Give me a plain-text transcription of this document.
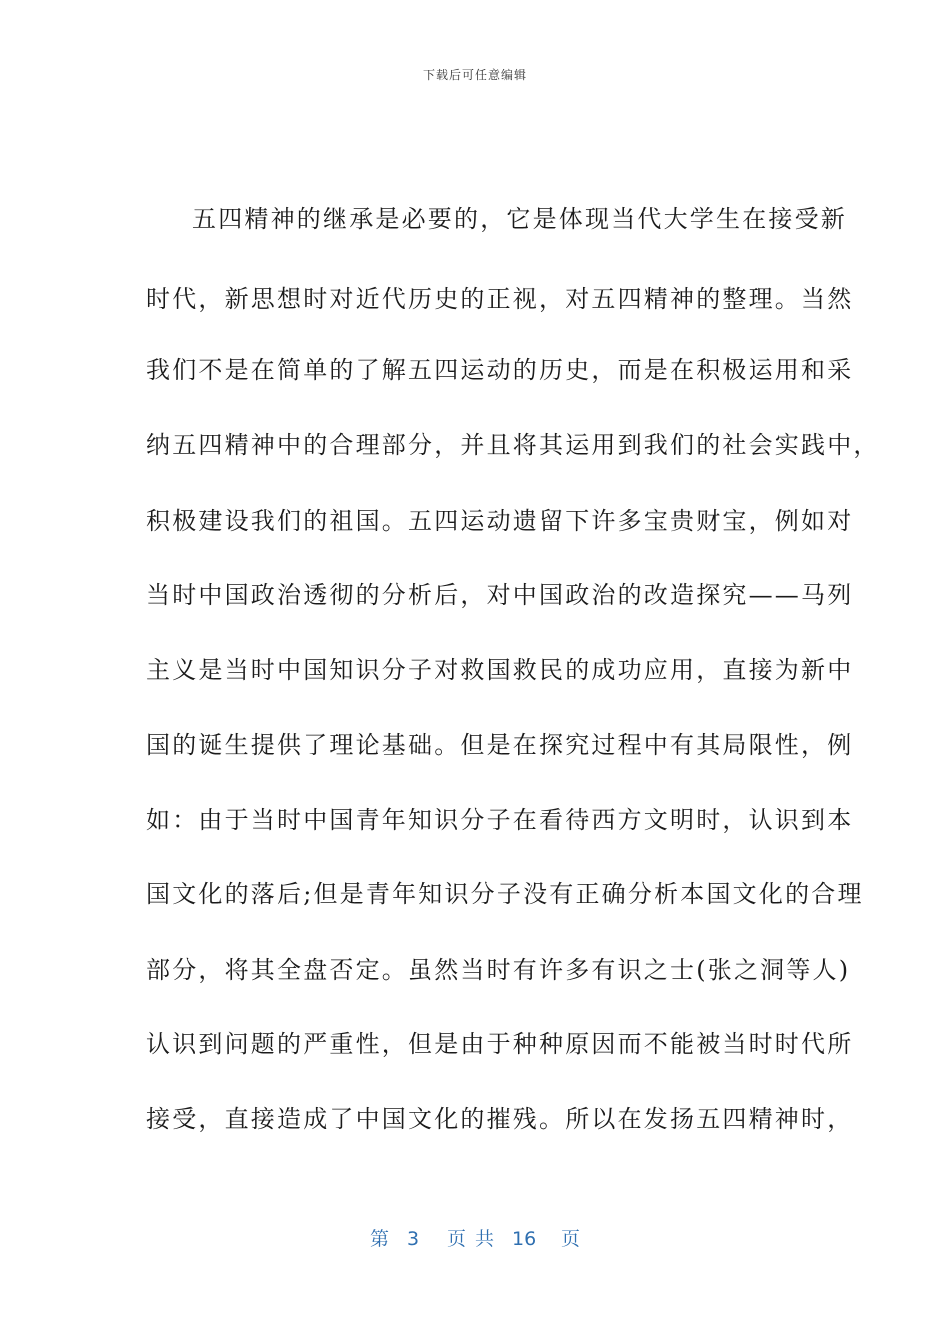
下载后可任意编辑
五四精神的继承是必要的，它是体现当代大学生在接受新
时代，新思想时对近代历史的正视，对五四精神的整理。当然
我们不是在简单的了解五四运动的历史，而是在积极运用和采
纳五四精神中的合理部分，并且将其运用到我们的社会实践中，
积极建设我们的祖国。五四运动遗留下许多宝贵财宝，例如对
当时中国政治透彻的分析后，对中国政治的改造探究——马列
主义是当时中国知识分子对救国救民的成功应用，直接为新中
国的诞生提供了理论基础。但是在探究过程中有其局限性，例
如：由于当时中国青年知识分子在看待西方文明时，认识到本
国文化的落后;但是青年知识分子没有正确分析本国文化的合理
部分，将其全盘否定。虽然当时有许多有识之士(张之洞等人)
认识到问题的严重性，但是由于种种原因而不能被当时时代所
接受，直接造成了中国文化的摧残。所以在发扬五四精神时，
第 3 页共 16 页
